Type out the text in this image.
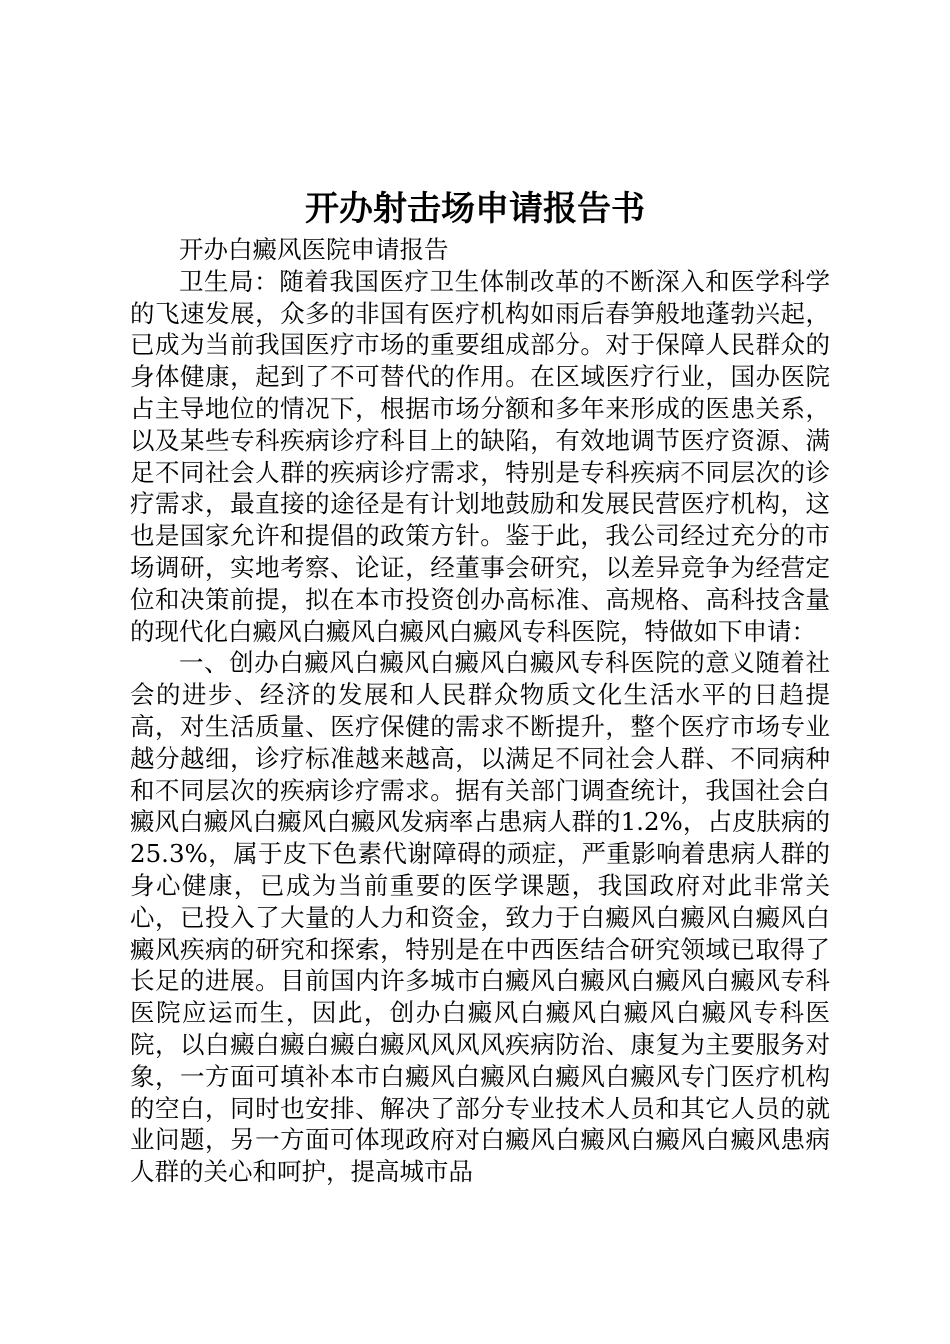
开办射击场申请报告书

开办白癜风医院申请报告

卫生局：随着我国医疗卫生体制改革的不断深入和医学科学的飞速发展，众多的非国有医疗机构如雨后春笋般地蓬勃兴起，已成为当前我国医疗市场的重要组成部分。对于保障人民群众的身体健康，起到了不可替代的作用。在区域医疗行业，国办医院占主导地位的情况下，根据市场分额和多年来形成的医患关系，以及某些专科疾病诊疗科目上的缺陷，有效地调节医疗资源、满足不同社会人群的疾病诊疗需求，特别是专科疾病不同层次的诊疗需求，最直接的途径是有计划地鼓励和发展民营医疗机构，这也是国家允许和提倡的政策方针。鉴于此，我公司经过充分的市场调研，实地考察、论证，经董事会研究，以差异竞争为经营定位和决策前提，拟在本市投资创办高标准、高规格、高科技含量的现代化白癜风白癜风白癜风白癜风专科医院，特做如下申请：

一、创办白癜风白癜风白癜风白癜风专科医院的意义随着社会的进步、经济的发展和人民群众物质文化生活水平的日趋提高，对生活质量、医疗保健的需求不断提升，整个医疗市场专业越分越细，诊疗标准越来越高，以满足不同社会人群、不同病种和不同层次的疾病诊疗需求。据有关部门调查统计，我国社会白癜风白癜风白癜风白癜风发病率占患病人群的1.2%，占皮肤病的25.3%，属于皮下色素代谢障碍的顽症，严重影响着患病人群的身心健康，已成为当前重要的医学课题，我国政府对此非常关心，已投入了大量的人力和资金，致力于白癜风白癜风白癜风白癜风疾病的研究和探索，特别是在中西医结合研究领域已取得了长足的进展。目前国内许多城市白癜风白癜风白癜风白癜风专科医院应运而生，因此，创办白癜风白癜风白癜风白癜风专科医院，以白癜白癜白癜白癜风风风风疾病防治、康复为主要服务对象，一方面可填补本市白癜风白癜风白癜风白癜风专门医疗机构的空白，同时也安排、解决了部分专业技术人员和其它人员的就业问题，另一方面可体现政府对白癜风白癜风白癜风白癜风患病人群的关心和呵护，提高城市品
